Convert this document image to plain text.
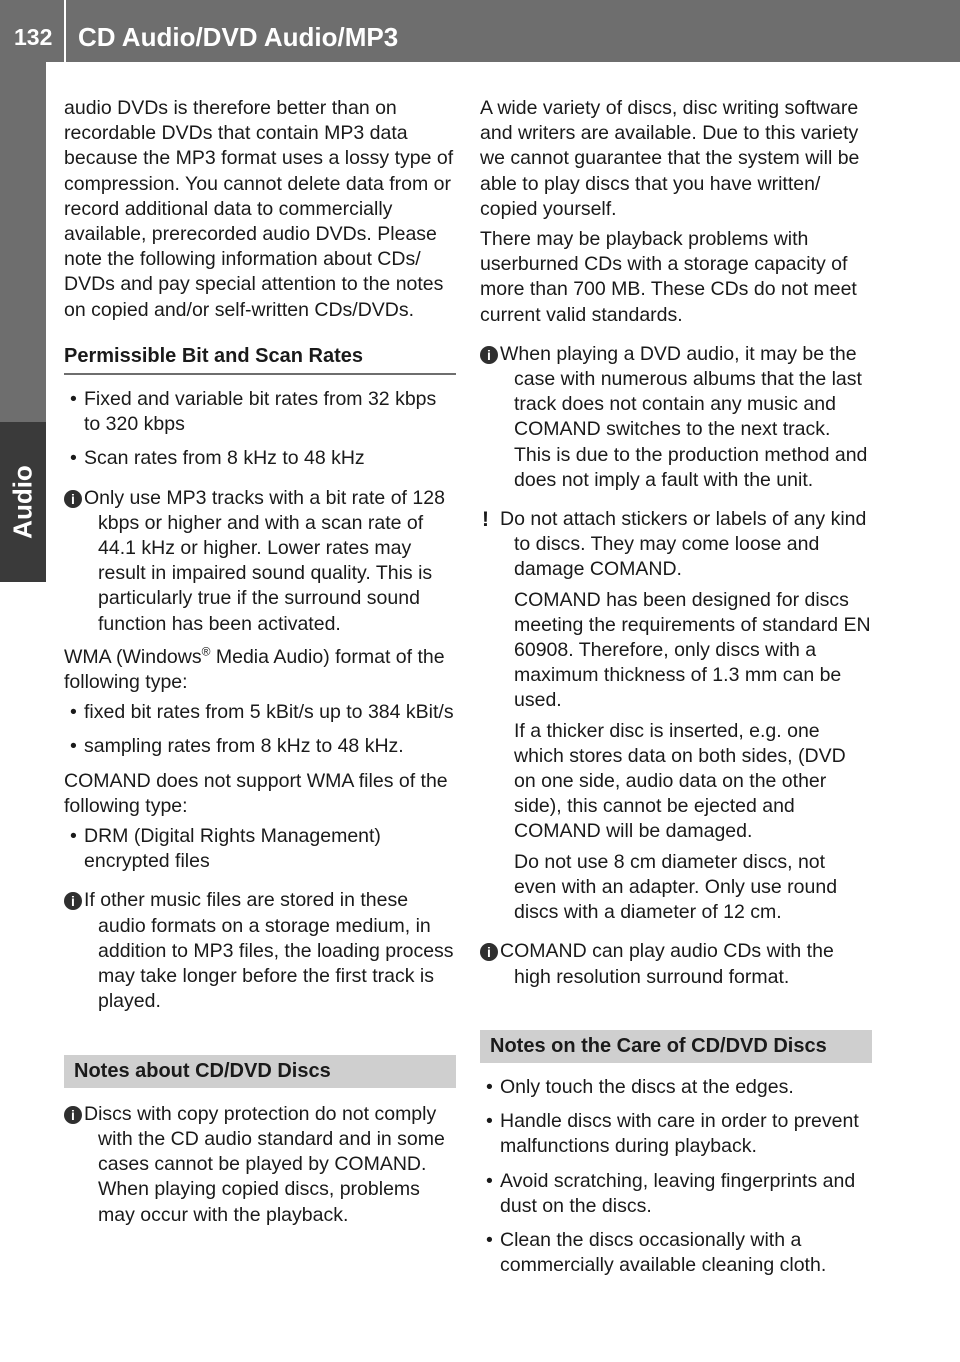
132 CD Audio/DVD Audio/MP3
Audio

audio DVDs is therefore better than on recordable DVDs that contain MP3 data because the MP3 format uses a lossy type of compression. You cannot delete data from or record additional data to commercially available, prerecorded audio DVDs. Please note the following information about CDs/ DVDs and pay special attention to the notes on copied and/or self-written CDs/DVDs.

Permissible Bit and Scan Rates
• Fixed and variable bit rates from 32 kbps to 320 kbps
• Scan rates from 8 kHz to 48 kHz
i Only use MP3 tracks with a bit rate of 128 kbps or higher and with a scan rate of 44.1 kHz or higher. Lower rates may result in impaired sound quality. This is particularly true if the surround sound function has been activated.

WMA (Windows® Media Audio) format of the following type:

• fixed bit rates from 5 kBit/s up to 384 kBit/s
• sampling rates from 8 kHz to 48 kHz.

COMAND does not support WMA files of the following type:

• DRM (Digital Rights Management) encrypted files
i If other music files are stored in these audio formats on a storage medium, in addition to MP3 files, the loading process may take longer before the first track is played.

Notes about CD/DVD Discs
i Discs with copy protection do not comply with the CD audio standard and in some cases cannot be played by COMAND. When playing copied discs, problems may occur with the playback.

A wide variety of discs, disc writing software and writers are available. Due to this variety we cannot guarantee that the system will be able to play discs that you have written/ copied yourself.

There may be playback problems with userburned CDs with a storage capacity of more than 700 MB. These CDs do not meet current valid standards.

i When playing a DVD audio, it may be the case with numerous albums that the last track does not contain any music and COMAND switches to the next track. This is due to the production method and does not imply a fault with the unit.

! Do not attach stickers or labels of any kind to discs. They may come loose and damage COMAND.

COMAND has been designed for discs meeting the requirements of standard EN 60908. Therefore, only discs with a maximum thickness of 1.3 mm can be used.

If a thicker disc is inserted, e.g. one which stores data on both sides, (DVD on one side, audio data on the other side), this cannot be ejected and COMAND will be damaged.

Do not use 8 cm diameter discs, not even with an adapter. Only use round discs with a diameter of 12 cm.

i COMAND can play audio CDs with the high resolution surround format.

Notes on the Care of CD/DVD Discs
• Only touch the discs at the edges.
• Handle discs with care in order to prevent malfunctions during playback.
• Avoid scratching, leaving fingerprints and dust on the discs.
• Clean the discs occasionally with a commercially available cleaning cloth.
